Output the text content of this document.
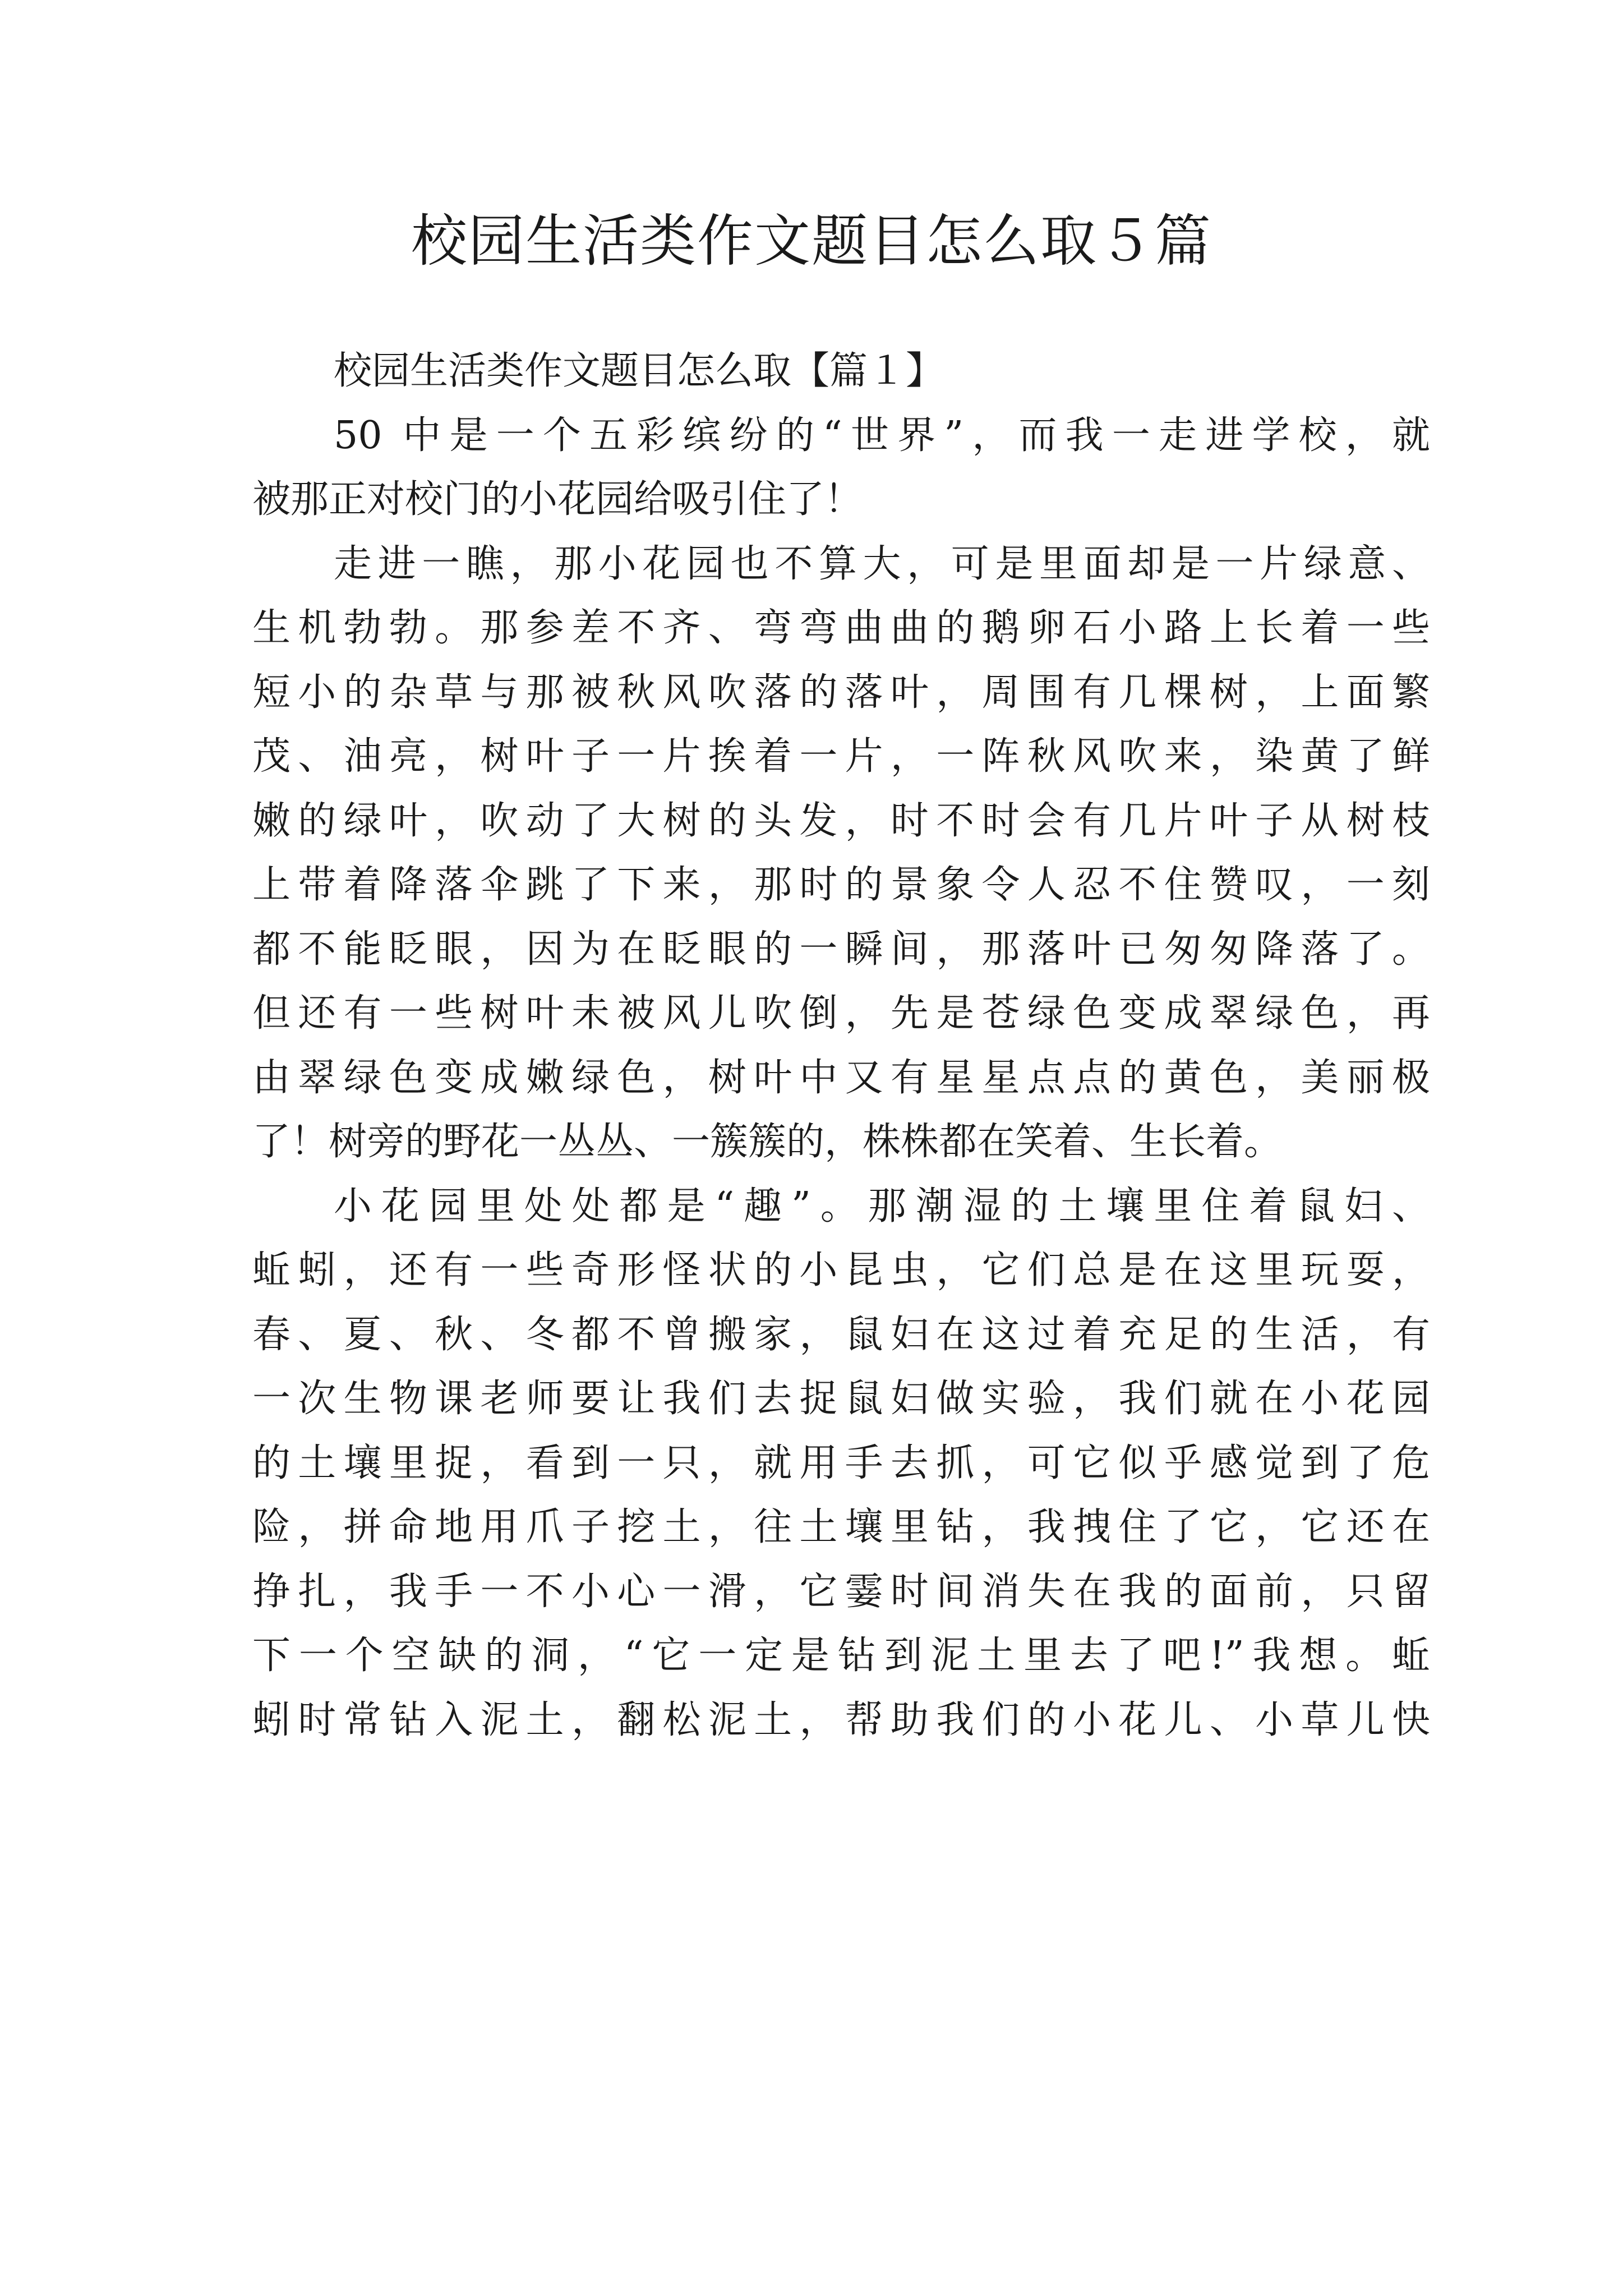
校园生活类作文题目怎么取５篇
校园生活类作文题目怎么取【篇１】
50 中是一个五彩缤纷的“世界”，而我一走进学校，就
被那正对校门的小花园给吸引住了！
走进一瞧，那小花园也不算大，可是里面却是一片绿意、
生机勃勃。那参差不齐、弯弯曲曲的鹅卵石小路上长着一些
短小的杂草与那被秋风吹落的落叶，周围有几棵树，上面繁
茂、油亮，树叶子一片挨着一片，一阵秋风吹来，染黄了鲜
嫩的绿叶，吹动了大树的头发，时不时会有几片叶子从树枝
上带着降落伞跳了下来，那时的景象令人忍不住赞叹，一刻
都不能眨眼，因为在眨眼的一瞬间，那落叶已匆匆降落了。
但还有一些树叶未被风儿吹倒，先是苍绿色变成翠绿色，再
由翠绿色变成嫩绿色，树叶中又有星星点点的黄色，美丽极
了！树旁的野花一丛丛、一簇簇的，株株都在笑着、生长着。
小花园里处处都是“趣”。那潮湿的土壤里住着鼠妇、
蚯蚓，还有一些奇形怪状的小昆虫，它们总是在这里玩耍，
春、夏、秋、冬都不曾搬家，鼠妇在这过着充足的生活，有
一次生物课老师要让我们去捉鼠妇做实验，我们就在小花园
的土壤里捉，看到一只，就用手去抓，可它似乎感觉到了危
险，拼命地用爪子挖土，往土壤里钻，我拽住了它，它还在
挣扎，我手一不小心一滑，它霎时间消失在我的面前，只留
下一个空缺的洞，“它一定是钻到泥土里去了吧!”我想。蚯
蚓时常钻入泥土，翻松泥土，帮助我们的小花儿、小草儿快
